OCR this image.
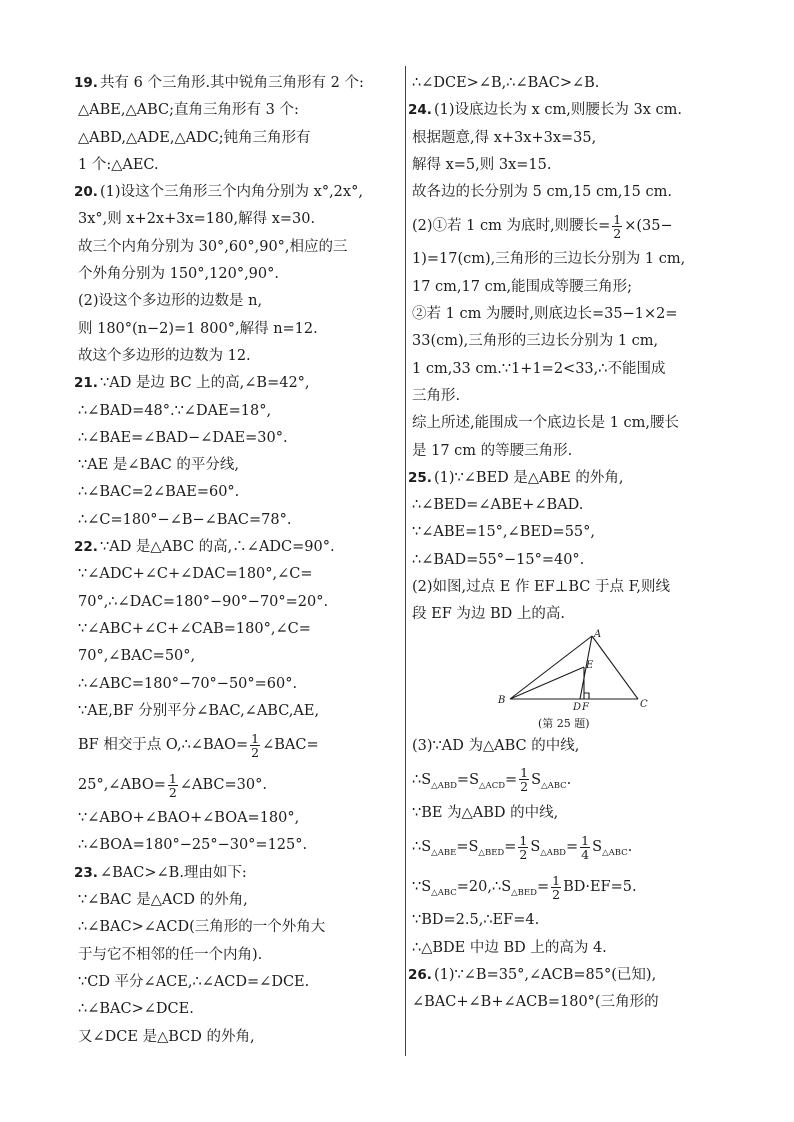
19. 共有 6 个三角形.其中锐角三角形有 2 个:
△ABE,△ABC;直角三角形有 3 个:
△ABD,△ADE,△ADC;钝角三角形有
1 个:△AEC.
20. (1)设这个三角形三个内角分别为 x°,2x°,
3x°,则 x+2x+3x=180,解得 x=30.
故三个内角分别为 30°,60°,90°,相应的三
个外角分别为 150°,120°,90°.
(2)设这个多边形的边数是 n,
则 180°(n−2)=1 800°,解得 n=12.
故这个多边形的边数为 12.
21. ∵AD 是边 BC 上的高,∠B=42°,
∴∠BAD=48°.∵∠DAE=18°,
∴∠BAE=∠BAD−∠DAE=30°.
∵AE 是∠BAC 的平分线,
∴∠BAC=2∠BAE=60°.
∴∠C=180°−∠B−∠BAC=78°.
22. ∵AD 是△ABC 的高,∴∠ADC=90°.
∵∠ADC+∠C+∠DAC=180°,∠C=
70°,∴∠DAC=180°−90°−70°=20°.
∵∠ABC+∠C+∠CAB=180°,∠C=
70°,∠BAC=50°,
∴∠ABC=180°−70°−50°=60°.
∵AE,BF 分别平分∠BAC,∠ABC,AE,
BF 相交于点 O,∴∠BAO= $\frac{1}{2}$ ∠BAC=
25°,∠ABO= $\frac{1}{2}$ ∠ABC=30°.
∵∠ABO+∠BAO+∠BOA=180°,
∴∠BOA=180°−25°−30°=125°.
23. ∠BAC>∠B.理由如下:
∵∠BAC 是△ACD 的外角,
∴∠BAC>∠ACD(三角形的一个外角大
于与它不相邻的任一个内角).
∵CD 平分∠ACE,∴∠ACD=∠DCE.
∴∠BAC>∠DCE.
又∠DCE 是△BCD 的外角,
∴∠DCE>∠B,∴∠BAC>∠B.
24. (1)设底边长为 x cm,则腰长为 3x cm.
根据题意,得 x+3x+3x=35,
解得 x=5,则 3x=15.
故各边的长分别为 5 cm,15 cm,15 cm.
(2)①若 1 cm 为底时,则腰长= $\frac{1}{2} \times(35-$
1)=17(cm),三角形的三边长分别为 1 cm,
17 cm,17 cm,能围成等腰三角形;
②若 1 cm 为腰时,则底边长=35−1×2=
33(cm),三角形的三边长分别为 1 cm,
1 cm,33 cm.∵1+1=2<33,∴不能围成
三角形.
综上所述,能围成一个底边长是 1 cm,腰长
是 17 cm 的等腰三角形.
25. (1)∵∠BED 是△ABE 的外角,
∴∠BED=∠ABE+∠BAD.
∵∠ABE=15°,∠BED=55°,
∴∠BAD=55°−15°=40°.
(2)如图,过点 E 作 EF⊥BC 于点 F,则线
段 EF 为边 BD 上的高.
A
B	C
E
D F
(第 25 题)
(3)∵AD 为△ABC 的中线,
$\therefore S_{\triangle ABD}=S_{\triangle ACD}= \frac{1}{2} S_{\triangle ABC}$.
∵BE 为△ABD 的中线,
$\therefore S_{\triangle ABE}=S_{\triangle BED}= \frac{1}{2} S_{\triangle ABD}= \frac{1}{4} S_{\triangle ABC}$.
$\because S_{\triangle ABC}=20,\therefore S_{\triangle BED}= \frac{1}{2} BD\cdot EF=5$.
∵BD=2.5,∴EF=4.
∴△BDE 中边 BD 上的高为 4.
26. (1)∵∠B=35°,∠ACB=85°(已知),
∠BAC+∠B+∠ACB=180°(三角形的
